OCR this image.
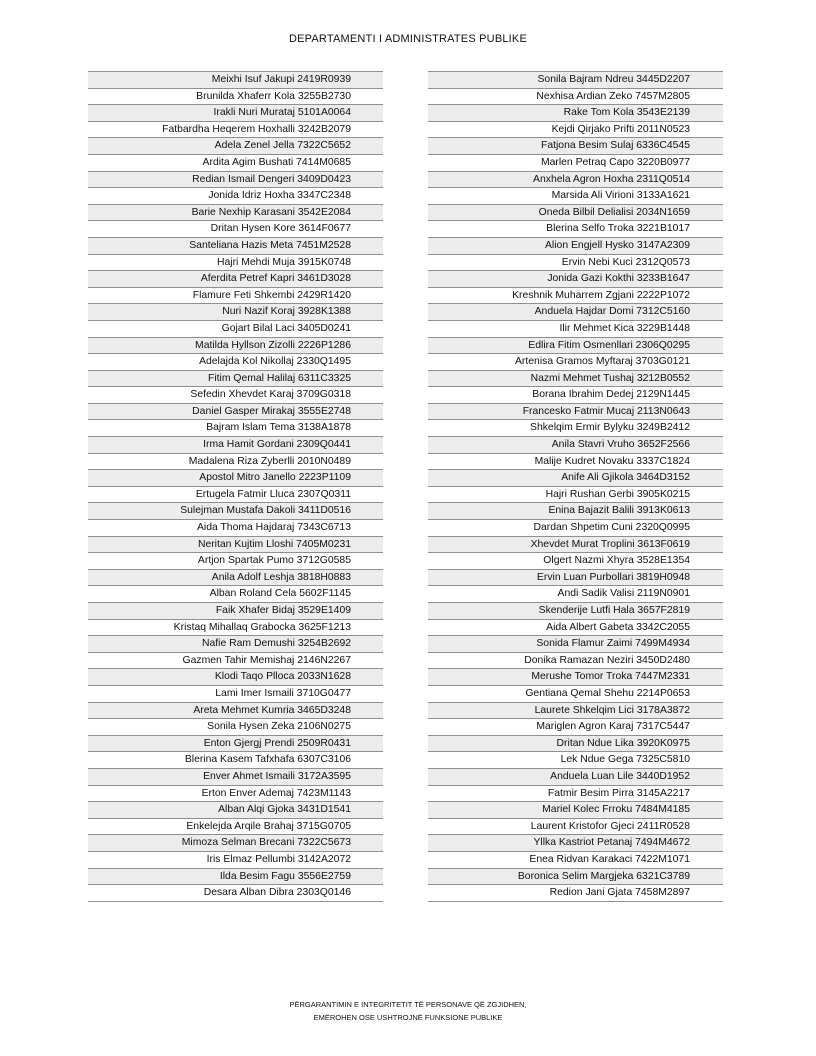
DEPARTAMENTI I ADMINISTRATES PUBLIKE
Meixhi Isuf Jakupi 2419R0939
Brunilda Xhaferr Kola 3255B2730
Irakli Nuri Murataj 5101A0064
Fatbardha Heqerem Hoxhalli 3242B2079
Adela Zenel Jella 7322C5652
Ardita Agim Bushati 7414M0685
Redian Ismail Dengeri 3409D0423
Jonida Idriz Hoxha 3347C2348
Barie Nexhip Karasani 3542E2084
Dritan Hysen Kore 3614F0677
Santeliana Hazis Meta 7451M2528
Hajri Mehdi Muja 3915K0748
Aferdita Petref Kapri 3461D3028
Flamure Feti Shkembi 2429R1420
Nuri Nazif Koraj 3928K1388
Gojart Bilal Laci 3405D0241
Matilda Hyllson Zizolli 2226P1286
Adelajda Kol Nikollaj 2330Q1495
Fitim Qemal Halilaj 6311C3325
Sefedin Xhevdet Karaj 3709G0318
Daniel Gasper Mirakaj 3555E2748
Bajram Islam Tema 3138A1878
Irma Hamit Gordani 2309Q0441
Madalena Riza Zyberlli 2010N0489
Apostol Mitro Janello 2223P1109
Ertugela Fatmir Lluca 2307Q0311
Sulejman Mustafa Dakoli 3411D0516
Aida Thoma Hajdaraj 7343C6713
Neritan Kujtim Lloshi 7405M0231
Artjon Spartak Pumo 3712G0585
Anila Adolf Leshja 3818H0883
Alban Roland Cela 5602F1145
Faik Xhafer Bidaj 3529E1409
Kristaq Mihallaq Grabocka 3625F1213
Nafie Ram Demushi 3254B2692
Gazmen Tahir Memishaj 2146N2267
Klodi Taqo Plloca 2033N1628
Lami Imer Ismaili 3710G0477
Areta Mehmet Kumria 3465D3248
Sonila Hysen Zeka 2106N0275
Enton Gjergj Prendi 2509R0431
Blerina Kasem Tafxhafa 6307C3106
Enver Ahmet Ismaili 3172A3595
Erton Enver Ademaj 7423M1143
Alban Alqi Gjoka 3431D1541
Enkelejda Arqile Brahaj 3715G0705
Mimoza Selman Brecani 7322C5673
Iris Elmaz Pellumbi 3142A2072
Ilda Besim Fagu 3556E2759
Desara Alban Dibra 2303Q0146
Sonila Bajram Ndreu 3445D2207
Nexhisa Ardian Zeko 7457M2805
Rake Tom Kola 3543E2139
Kejdi Qirjako Prifti 2011N0523
Fatjona Besim Sulaj 6336C4545
Marlen Petraq Capo 3220B0977
Anxhela Agron Hoxha 2311Q0514
Marsida Ali Virioni 3133A1621
Oneda Bilbil Delialisi 2034N1659
Blerina Selfo Troka 3221B1017
Alion Engjell Hysko 3147A2309
Ervin Nebi Kuci 2312Q0573
Jonida Gazi Kokthi 3233B1647
Kreshnik Muharrem Zgjani 2222P1072
Anduela Hajdar Domi 7312C5160
Ilir Mehmet Kica 3229B1448
Edlira Fitim Osmenllari 2306Q0295
Artenisa Gramos Myftaraj 3703G0121
Nazmi Mehmet Tushaj 3212B0552
Borana Ibrahim Dedej 2129N1445
Francesko Fatmir Mucaj 2113N0643
Shkelqim Ermir Bylyku 3249B2412
Anila Stavri Vruho 3652F2566
Malije Kudret Novaku 3337C1824
Anife Ali Gjikola 3464D3152
Hajri Rushan Gerbi 3905K0215
Enina Bajazit Balili 3913K0613
Dardan Shpetim Cuni 2320Q0995
Xhevdet Murat Troplini 3613F0619
Olgert Nazmi Xhyra 3528E1354
Ervin Luan Purbollari 3819H0948
Andi Sadik Valisi 2119N0901
Skenderije Lutfi Hala 3657F2819
Aida Albert Gabeta 3342C2055
Sonida Flamur Zaimi 7499M4934
Donika Ramazan Neziri 3450D2480
Merushe Tomor Troka 7447M2331
Gentiana Qemal Shehu 2214P0653
Laurete Shkelqim Lici 3178A3872
Mariglen Agron Karaj 7317C5447
Dritan Ndue Lika 3920K0975
Lek Ndue Gega 7325C5810
Anduela Luan Lile 3440D1952
Fatmir Besim Pirra 3145A2217
Mariel Kolec Frroku 7484M4185
Laurent Kristofor Gjeci 2411R0528
Yllka Kastriot Petanaj 7494M4672
Enea Ridvan Karakaci 7422M1071
Boronica Selim Margjeka 6321C3789
Redion Jani Gjata 7458M2897
PËRGARANTIMIN E INTEGRITETIT TË PERSONAVE QË ZGJIDHEN,
EMËROHEN OSE USHTROJNË FUNKSIONE PUBLIKE
